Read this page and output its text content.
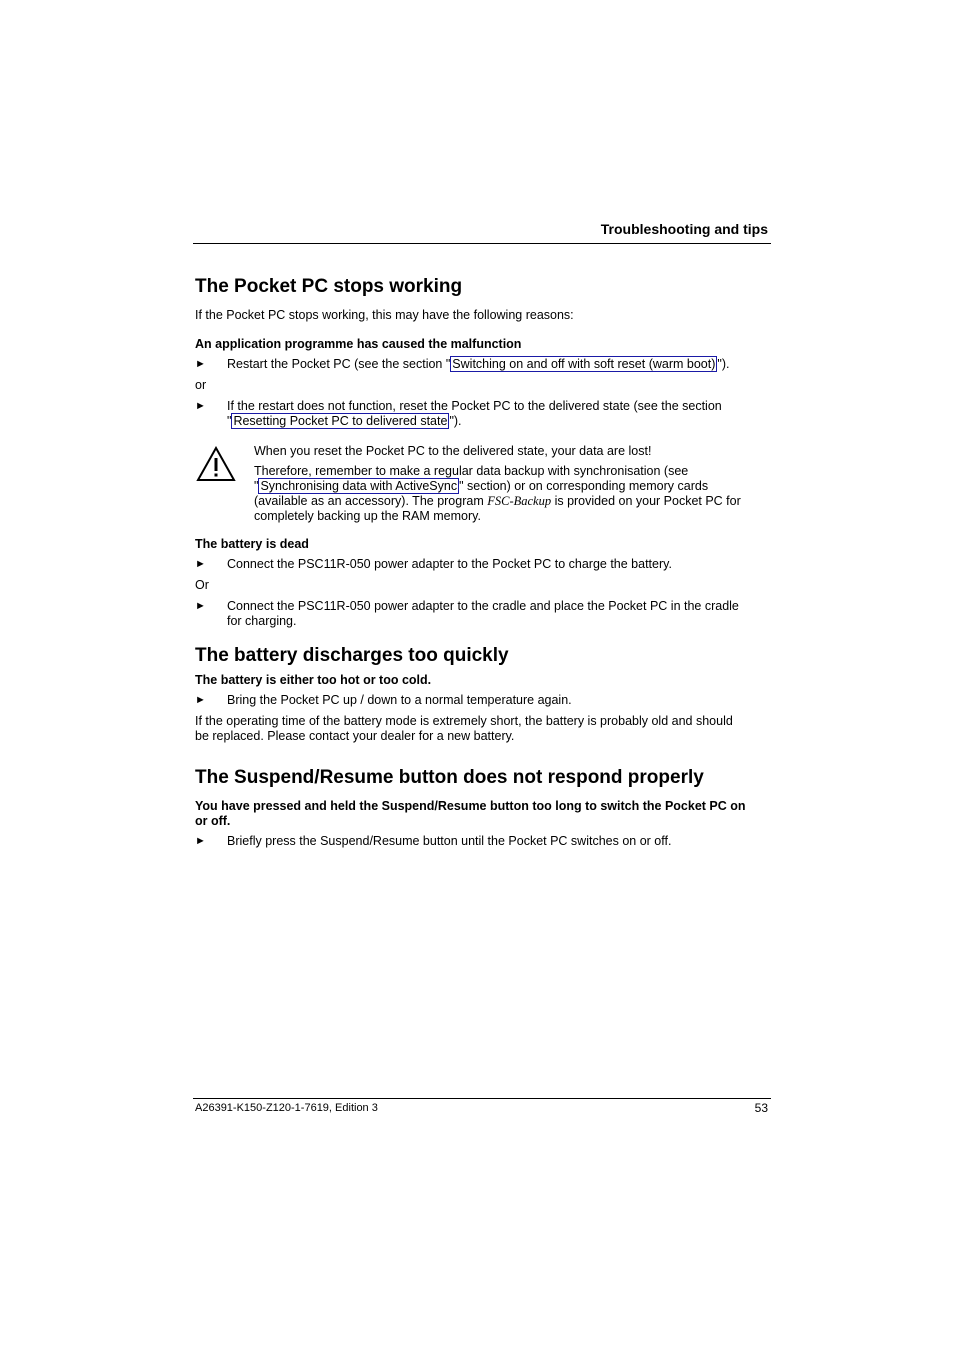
Troubleshooting and tips
The Pocket PC stops working
If the Pocket PC stops working, this may have the following reasons:
An application programme has caused the malfunction
► Restart the Pocket PC (see the section " Switching on and off with soft reset (warm boot) ").
or
► If the restart does not function, reset the Pocket PC to the delivered state (see the section
" Resetting Pocket PC to delivered state ").
When you reset the Pocket PC to the delivered state, your data are lost!
Therefore, remember to make a regular data backup with synchronisation (see
" Synchronising data with ActiveSync " section) or on corresponding memory cards
(available as an accessory). The program FSC-Backup is provided on your Pocket PC for
completely backing up the RAM memory.
The battery is dead
► Connect the PSC11R-050 power adapter to the Pocket PC to charge the battery.
Or
► Connect the PSC11R-050 power adapter to the cradle and place the Pocket PC in the cradle
for charging.
The battery discharges too quickly
The battery is either too hot or too cold.
► Bring the Pocket PC up / down to a normal temperature again.
If the operating time of the battery mode is extremely short, the battery is probably old and should
be replaced. Please contact your dealer for a new battery.
The Suspend/Resume button does not respond properly
You have pressed and held the Suspend/Resume button too long to switch the Pocket PC on
or off.
► Briefly press the Suspend/Resume button until the Pocket PC switches on or off.
A26391-K150-Z120-1-7619, Edition 3	53
